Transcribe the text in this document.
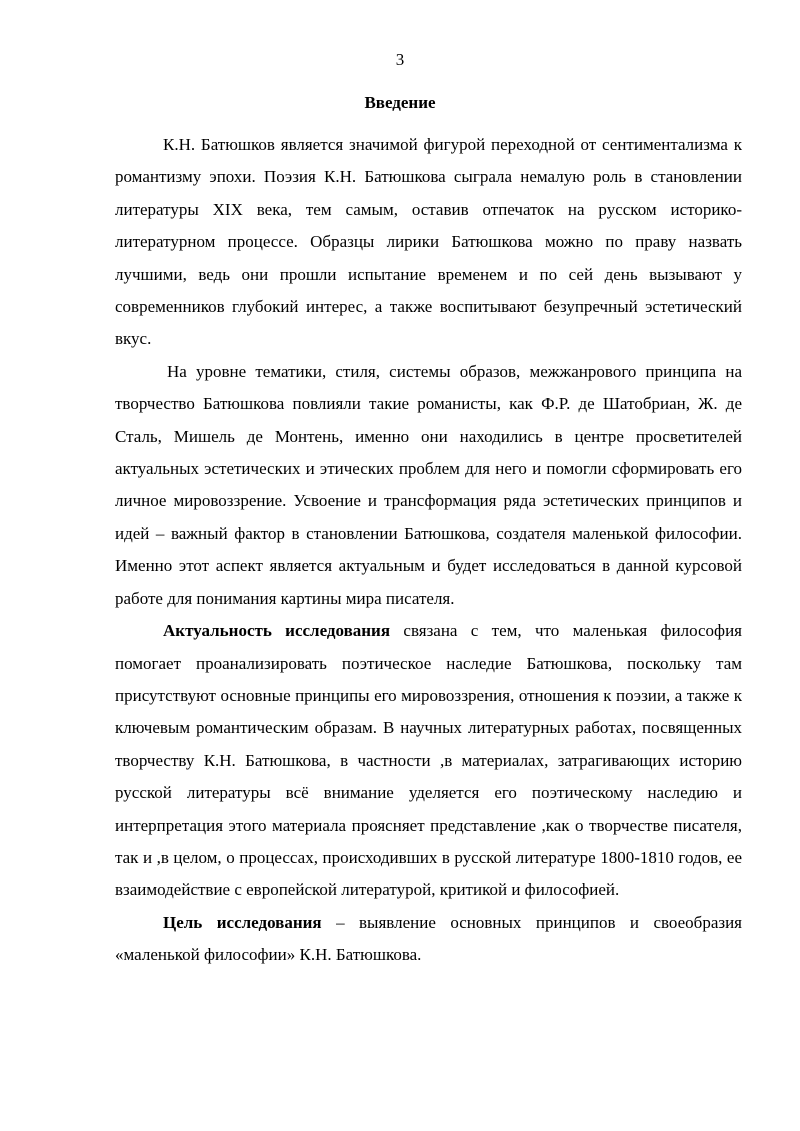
3
Введение

К.Н. Батюшков является значимой фигурой переходной от сентиментализма к романтизму эпохи. Поэзия К.Н. Батюшкова сыграла немалую роль в становлении литературы XIX века, тем самым, оставив отпечаток на русском историко-литературном процессе. Образцы лирики Батюшкова можно по праву назвать лучшими, ведь они прошли испытание временем и по сей день вызывают у современников глубокий интерес, а также воспитывают безупречный эстетический вкус.

На уровне тематики, стиля, системы образов, межжанрового принципа на творчество Батюшкова повлияли такие романисты, как Ф.Р. де Шатобриан, Ж. де Сталь, Мишель де Монтень, именно они находились в центре просветителей актуальных эстетических и этических проблем для него и помогли сформировать его личное мировоззрение. Усвоение и трансформация ряда эстетических принципов и идей – важный фактор в становлении Батюшкова, создателя маленькой философии. Именно этот аспект является актуальным и будет исследоваться в данной курсовой работе для понимания картины мира писателя.

Актуальность исследования связана с тем, что маленькая философия помогает проанализировать поэтическое наследие Батюшкова, поскольку там присутствуют основные принципы его мировоззрения, отношения к поэзии, а также к ключевым романтическим образам. В научных литературных работах, посвященных творчеству К.Н. Батюшкова, в частности ,в материалах, затрагивающих историю русской литературы всё внимание уделяется его поэтическому наследию и интерпретация этого материала проясняет представление ,как о творчестве писателя, так и ,в целом, о процессах, происходивших в русской литературе 1800-1810 годов, ее взаимодействие с европейской литературой, критикой и философией.

Цель исследования – выявление основных принципов и своеобразия «маленькой философии» К.Н. Батюшкова.
